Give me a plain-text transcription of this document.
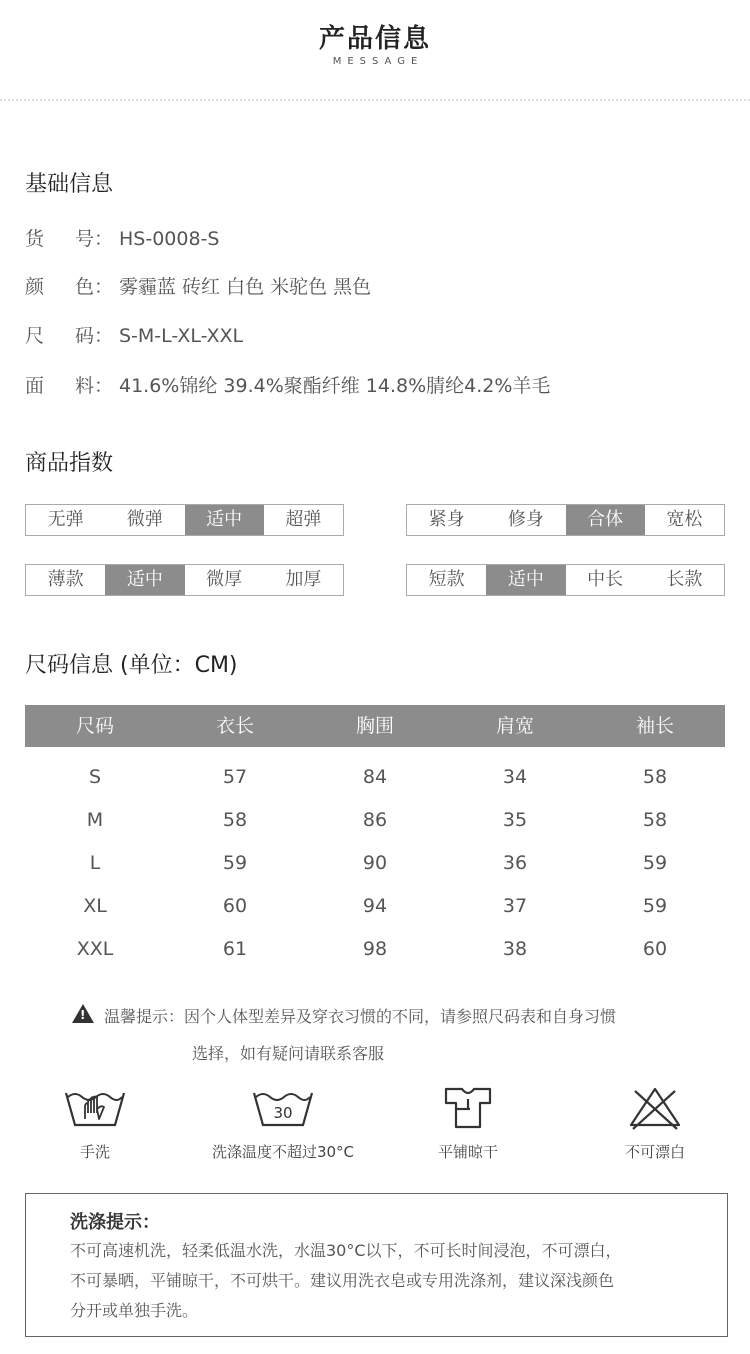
产品信息
MESSAGE
基础信息
货 号： HS-0008-S
颜 色： 雾霾蓝 砖红 白色 米驼色 黑色
尺 码： S-M-L-XL-XXL
面 料： 41.6%锦纶 39.4%聚酯纤维 14.8%腈纶4.2%羊毛
商品指数
无弹	微弹	适中	超弹	紧身	修身	合体	宽松
薄款	适中	微厚	加厚	短款	适中	中长	长款
尺码信息 (单位：CM)
尺码	衣长	胸围	肩宽	袖长
S	57	84	34	58
M	58	86	35	58
L	59	90	36	59
XL	60	94	37	59
XXL	61	98	38	60
!
温馨提示：因个人体型差异及穿衣习惯的不同，请参照尺码表和自身习惯
选择，如有疑问请联系客服
手洗
30
洗涤温度不超过30°C	平铺晾干	不可漂白
洗涤提示：
不可高速机洗，轻柔低温水洗，水温30°C以下，不可长时间浸泡，不可漂白，
不可暴晒，平铺晾干，不可烘干。建议用洗衣皂或专用洗涤剂，建议深浅颜色
分开或单独手洗。
